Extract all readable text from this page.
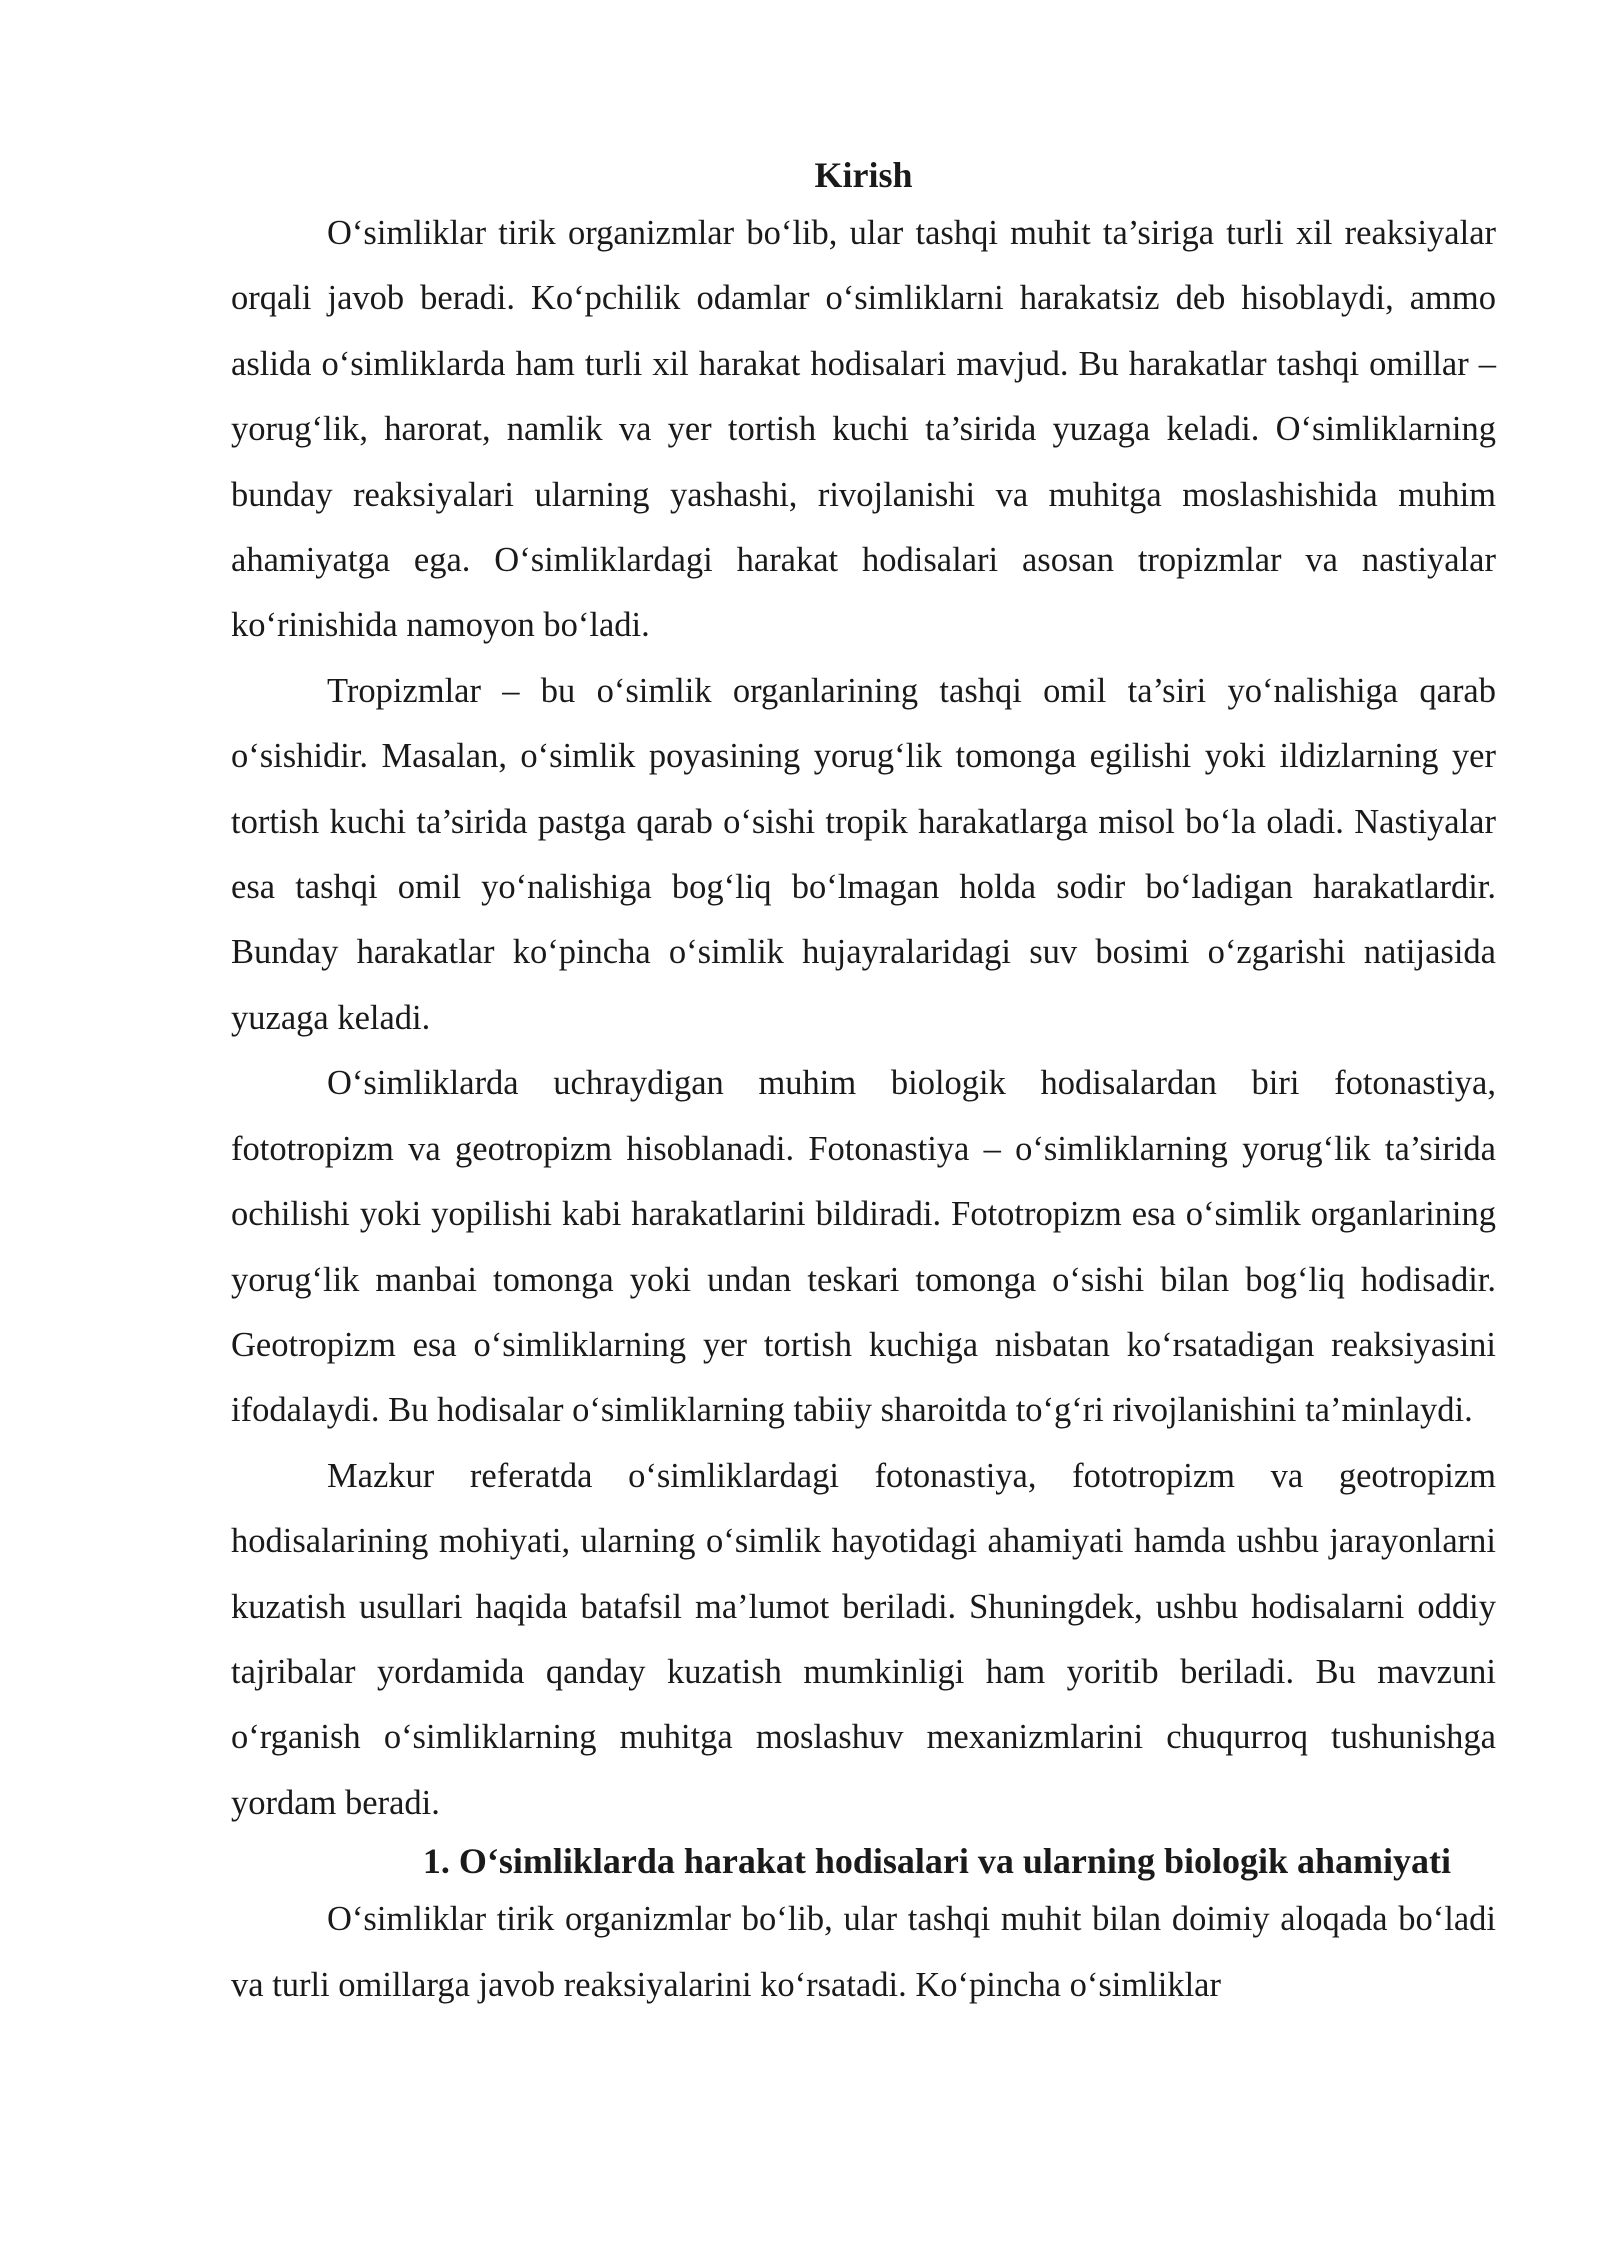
Kirish

O‘simliklar tirik organizmlar bo‘lib, ular tashqi muhit ta’siriga turli xil reaksiyalar orqali javob beradi. Ko‘pchilik odamlar o‘simliklarni harakatsiz deb hisoblaydi, ammo aslida o‘simliklarda ham turli xil harakat hodisalari mavjud. Bu harakatlar tashqi omillar – yorug‘lik, harorat, namlik va yer tortish kuchi ta’sirida yuzaga keladi. O‘simliklarning bunday reaksiyalari ularning yashashi, rivojlanishi va muhitga moslashishida muhim ahamiyatga ega. O‘simliklardagi harakat hodisalari asosan tropizmlar va nastiyalar ko‘rinishida namoyon bo‘ladi.

Tropizmlar – bu o‘simlik organlarining tashqi omil ta’siri yo‘nalishiga qarab o‘sishidir. Masalan, o‘simlik poyasining yorug‘lik tomonga egilishi yoki ildizlarning yer tortish kuchi ta’sirida pastga qarab o‘sishi tropik harakatlarga misol bo‘la oladi. Nastiyalar esa tashqi omil yo‘nalishiga bog‘liq bo‘lmagan holda sodir bo‘ladigan harakatlardir. Bunday harakatlar ko‘pincha o‘simlik hujayralaridagi suv bosimi o‘zgarishi natijasida yuzaga keladi.

O‘simliklarda uchraydigan muhim biologik hodisalardan biri fotonastiya, fototropizm va geotropizm hisoblanadi. Fotonastiya – o‘simliklarning yorug‘lik ta’sirida ochilishi yoki yopilishi kabi harakatlarini bildiradi. Fototropizm esa o‘simlik organlarining yorug‘lik manbai tomonga yoki undan teskari tomonga o‘sishi bilan bog‘liq hodisadir. Geotropizm esa o‘simliklarning yer tortish kuchiga nisbatan ko‘rsatadigan reaksiyasini ifodalaydi. Bu hodisalar o‘simliklarning tabiiy sharoitda to‘g‘ri rivojlanishini ta’minlaydi.

Mazkur referatda o‘simliklardagi fotonastiya, fototropizm va geotropizm hodisalarining mohiyati, ularning o‘simlik hayotidagi ahamiyati hamda ushbu jarayonlarni kuzatish usullari haqida batafsil ma’lumot beriladi. Shuningdek, ushbu hodisalarni oddiy tajribalar yordamida qanday kuzatish mumkinligi ham yoritib beriladi. Bu mavzuni o‘rganish o‘simliklarning muhitga moslashuv mexanizmlarini chuqurroq tushunishga yordam beradi.

1. O‘simliklarda harakat hodisalari va ularning biologik ahamiyati

O‘simliklar tirik organizmlar bo‘lib, ular tashqi muhit bilan doimiy aloqada bo‘ladi va turli omillarga javob reaksiyalarini ko‘rsatadi. Ko‘pincha o‘simliklar
